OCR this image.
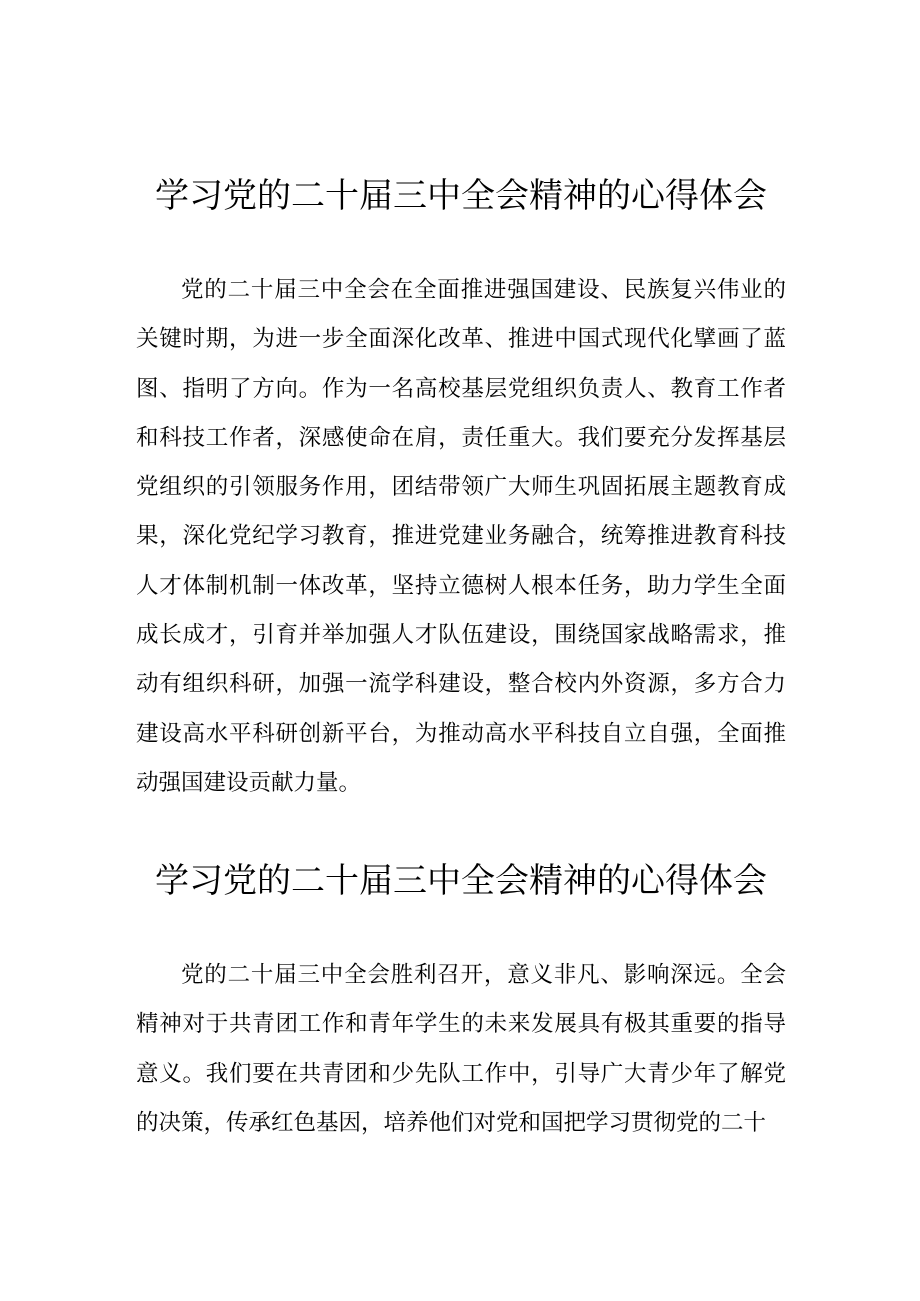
学习党的二十届三中全会精神的心得体会

党的二十届三中全会在全面推进强国建设、民族复兴伟业的关键时期，为进一步全面深化改革、推进中国式现代化擘画了蓝图、指明了方向。作为一名高校基层党组织负责人、教育工作者和科技工作者，深感使命在肩，责任重大。我们要充分发挥基层党组织的引领服务作用，团结带领广大师生巩固拓展主题教育成果，深化党纪学习教育，推进党建业务融合，统筹推进教育科技人才体制机制一体改革，坚持立德树人根本任务，助力学生全面成长成才，引育并举加强人才队伍建设，围绕国家战略需求，推动有组织科研，加强一流学科建设，整合校内外资源，多方合力建设高水平科研创新平台，为推动高水平科技自立自强，全面推动强国建设贡献力量。

学习党的二十届三中全会精神的心得体会

党的二十届三中全会胜利召开，意义非凡、影响深远。全会精神对于共青团工作和青年学生的未来发展具有极其重要的指导意义。我们要在共青团和少先队工作中，引导广大青少年了解党的决策，传承红色基因，培养他们对党和国把学习贯彻党的二十
